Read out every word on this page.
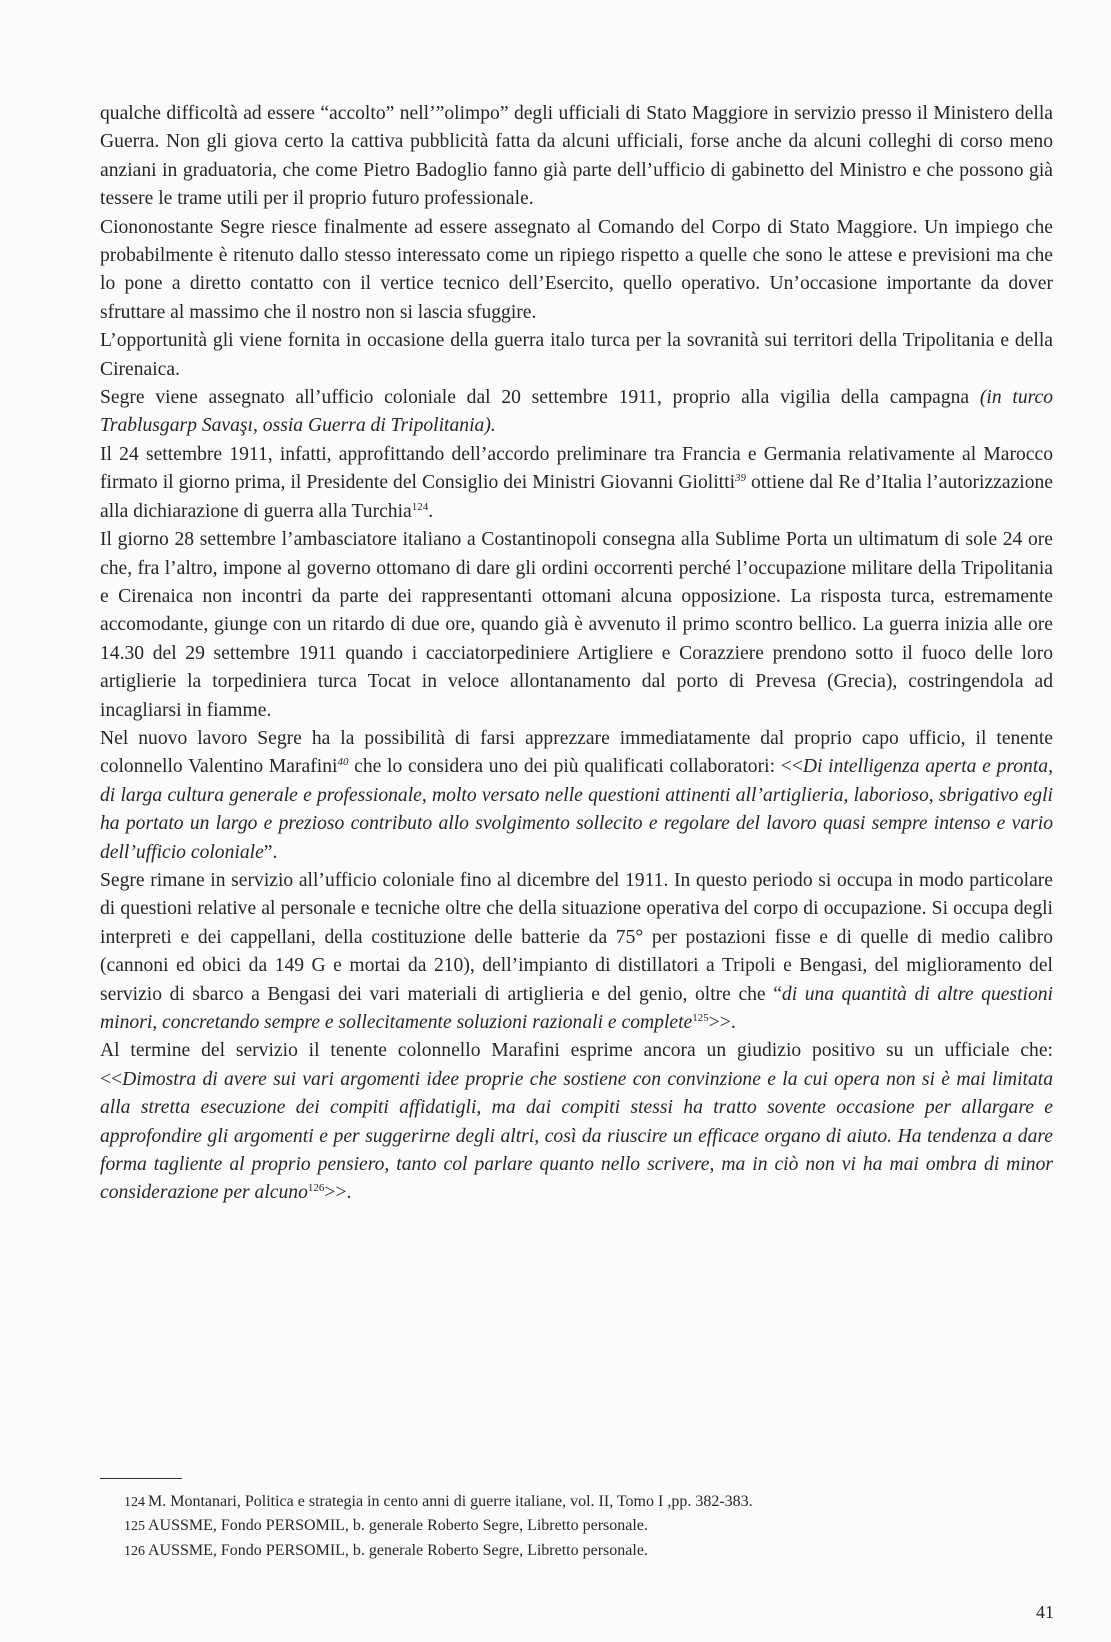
qualche difficoltà ad essere “accolto” nell’”olimpo” degli ufficiali di Stato Maggiore in servizio presso il Ministero della Guerra. Non gli giova certo la cattiva pubblicità fatta da alcuni ufficiali, forse anche da alcuni colleghi di corso meno anziani in graduatoria, che come Pietro Badoglio fanno già parte dell’ufficio di gabinetto del Ministro e che possono già tessere le trame utili per il proprio futuro professionale.

Ciononostante Segre riesce finalmente ad essere assegnato al Comando del Corpo di Stato Maggiore. Un impiego che probabilmente è ritenuto dallo stesso interessato come un ripiego rispetto a quelle che sono le attese e previsioni ma che lo pone a diretto contatto con il vertice tecnico dell’Esercito, quello operativo. Un’occasione importante da dover sfruttare al massimo che il nostro non si lascia sfuggire.

L’opportunità gli viene fornita in occasione della guerra italo turca per la sovranità sui territori della Tripolitania e della Cirenaica.

Segre viene assegnato all’ufficio coloniale dal 20 settembre 1911, proprio alla vigilia della campagna (in turco Trablusgarp Savaşı, ossia Guerra di Tripolitania).

Il 24 settembre 1911, infatti, approfittando dell’accordo preliminare tra Francia e Germania relativamente al Marocco firmato il giorno prima, il Presidente del Consiglio dei Ministri Giovanni Giolitti$^{39}$ ottiene dal Re d’Italia l’autorizzazione alla dichiarazione di guerra alla Turchia$^{124}$.

Il giorno 28 settembre l’ambasciatore italiano a Costantinopoli consegna alla Sublime Porta un ultimatum di sole 24 ore che, fra l’altro, impone al governo ottomano di dare gli ordini occorrenti perché l’occupazione militare della Tripolitania e Cirenaica non incontri da parte dei rappresentanti ottomani alcuna opposizione. La risposta turca, estremamente accomodante, giunge con un ritardo di due ore, quando già è avvenuto il primo scontro bellico. La guerra inizia alle ore 14.30 del 29 settembre 1911 quando i cacciatorpediniere Artigliere e Corazziere prendono sotto il fuoco delle loro artiglierie la torpediniera turca Tocat in veloce allontanamento dal porto di Prevesa (Grecia), costringendola ad incagliarsi in fiamme.

Nel nuovo lavoro Segre ha la possibilità di farsi apprezzare immediatamente dal proprio capo ufficio, il tenente colonnello Valentino Marafini$^{40}$ che lo considera uno dei più qualificati collaboratori: <<Di intelligenza aperta e pronta, di larga cultura generale e professionale, molto versato nelle questioni attinenti all’artiglieria, laborioso, sbrigativo egli ha portato un largo e prezioso contributo allo svolgimento sollecito e regolare del lavoro quasi sempre intenso e vario dell’ufficio coloniale”.

Segre rimane in servizio all’ufficio coloniale fino al dicembre del 1911. In questo periodo si occupa in modo particolare di questioni relative al personale e tecniche oltre che della situazione operativa del corpo di occupazione. Si occupa degli interpreti e dei cappellani, della costituzione delle batterie da 75° per postazioni fisse e di quelle di medio calibro (cannoni ed obici da 149 G e mortai da 210), dell’impianto di distillatori a Tripoli e Bengasi, del miglioramento del servizio di sbarco a Bengasi dei vari materiali di artiglieria e del genio, oltre che “di una quantità di altre questioni minori, concretando sempre e sollecitamente soluzioni razionali e complete$^{125}$>>.

Al termine del servizio il tenente colonnello Marafini esprime ancora un giudizio positivo su un ufficiale che: <<Dimostra di avere sui vari argomenti idee proprie che sostiene con convinzione e la cui opera non si è mai limitata alla stretta esecuzione dei compiti affidatigli, ma dai compiti stessi ha tratto sovente occasione per allargare e approfondire gli argomenti e per suggerirne degli altri, così da riuscire un efficace organo di aiuto. Ha tendenza a dare forma tagliente al proprio pensiero, tanto col parlare quanto nello scrivere, ma in ciò non vi ha mai ombra di minor considerazione per alcuno$^{126}$>>.

124 M. Montanari, Politica e strategia in cento anni di guerre italiane, vol. II, Tomo I ,pp. 382-383.
125 AUSSME, Fondo PERSOMIL, b. generale Roberto Segre, Libretto personale.
126 AUSSME, Fondo PERSOMIL, b. generale Roberto Segre, Libretto personale.
41
